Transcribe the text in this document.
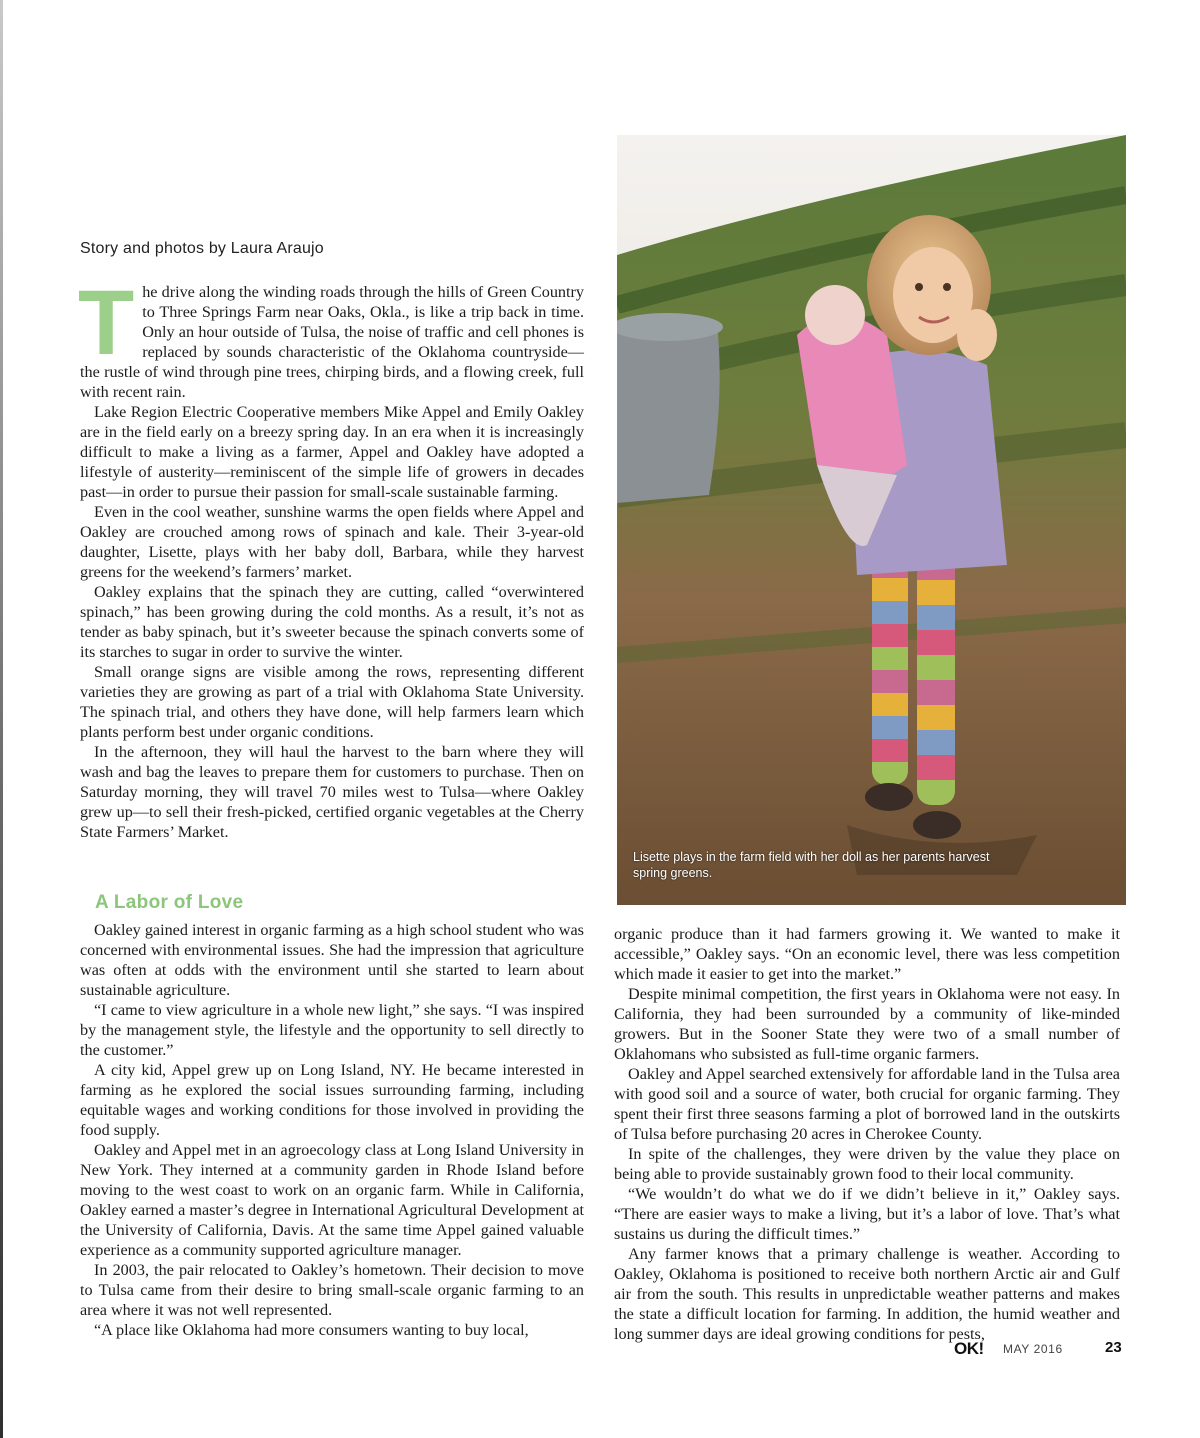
Story and photos by Laura Araujo

The drive along the winding roads through the hills of Green Country to Three Springs Farm near Oaks, Okla., is like a trip back in time. Only an hour outside of Tulsa, the noise of traffic and cell phones is replaced by sounds characteristic of the Oklahoma countryside—the rustle of wind through pine trees, chirping birds, and a flowing creek, full with recent rain.

Lake Region Electric Cooperative members Mike Appel and Emily Oakley are in the field early on a breezy spring day. In an era when it is increasingly difficult to make a living as a farmer, Appel and Oakley have adopted a lifestyle of austerity—reminiscent of the simple life of growers in decades past—in order to pursue their passion for small-scale sustainable farming.

Even in the cool weather, sunshine warms the open fields where Appel and Oakley are crouched among rows of spinach and kale. Their 3-year-old daughter, Lisette, plays with her baby doll, Barbara, while they harvest greens for the weekend’s farmers’ market.

Oakley explains that the spinach they are cutting, called “overwintered spinach,” has been growing during the cold months. As a result, it’s not as tender as baby spinach, but it’s sweeter because the spinach converts some of its starches to sugar in order to survive the winter.

Small orange signs are visible among the rows, representing different varieties they are growing as part of a trial with Oklahoma State University. The spinach trial, and others they have done, will help farmers learn which plants perform best under organic conditions.

In the afternoon, they will haul the harvest to the barn where they will wash and bag the leaves to prepare them for customers to purchase. Then on Saturday morning, they will travel 70 miles west to Tulsa—where Oakley grew up—to sell their fresh-picked, certified organic vegetables at the Cherry State Farmers’ Market.

A Labor of Love

Oakley gained interest in organic farming as a high school student who was concerned with environmental issues. She had the impression that agriculture was often at odds with the environment until she started to learn about sustainable agriculture.

“I came to view agriculture in a whole new light,” she says. “I was inspired by the management style, the lifestyle and the opportunity to sell directly to the customer.”

A city kid, Appel grew up on Long Island, NY. He became interested in farming as he explored the social issues surrounding farming, including equitable wages and working conditions for those involved in providing the food supply.

Oakley and Appel met in an agroecology class at Long Island University in New York. They interned at a community garden in Rhode Island before moving to the west coast to work on an organic farm. While in California, Oakley earned a master’s degree in International Agricultural Development at the University of California, Davis. At the same time Appel gained valuable experience as a community supported agriculture manager.

In 2003, the pair relocated to Oakley’s hometown. Their decision to move to Tulsa came from their desire to bring small-scale organic farming to an area where it was not well represented.

“A place like Oklahoma had more consumers wanting to buy local,

organic produce than it had farmers growing it. We wanted to make it accessible,” Oakley says. “On an economic level, there was less competition which made it easier to get into the market.”

Despite minimal competition, the first years in Oklahoma were not easy. In California, they had been surrounded by a community of like-minded growers. But in the Sooner State they were two of a small number of Oklahomans who subsisted as full-time organic farmers.

Oakley and Appel searched extensively for affordable land in the Tulsa area with good soil and a source of water, both crucial for organic farming. They spent their first three seasons farming a plot of borrowed land in the outskirts of Tulsa before purchasing 20 acres in Cherokee County.

In spite of the challenges, they were driven by the value they place on being able to provide sustainably grown food to their local community.

“We wouldn’t do what we do if we didn’t believe in it,” Oakley says. “There are easier ways to make a living, but it’s a labor of love. That’s what sustains us during the difficult times.”

Any farmer knows that a primary challenge is weather. According to Oakley, Oklahoma is positioned to receive both northern Arctic air and Gulf air from the south. This results in unpredictable weather patterns and makes the state a difficult location for farming. In addition, the humid weather and long summer days are ideal growing conditions for pests,

Lisette plays in the farm field with her doll as her parents harvest spring greens.
OK! MAY 2016	23
